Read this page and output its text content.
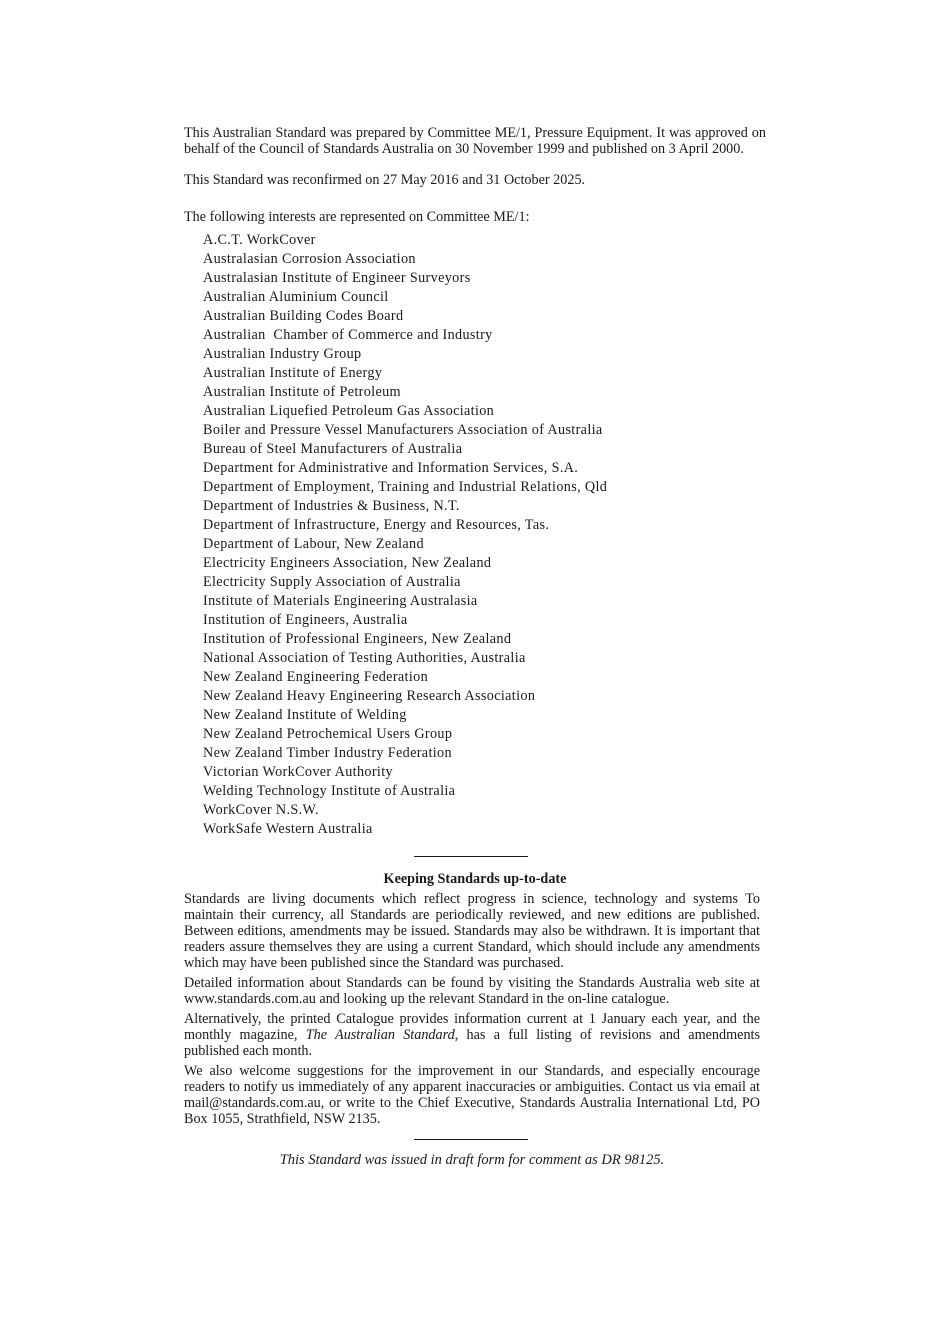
This Australian Standard was prepared by Committee ME/1, Pressure Equipment. It was approved on behalf of the Council of Standards Australia on 30 November 1999 and published on 3 April 2000.

This Standard was reconfirmed on 27 May 2016 and 31 October 2025.

The following interests are represented on Committee ME/1:

A.C.T. WorkCover
Australasian Corrosion Association
Australasian Institute of Engineer Surveyors
Australian Aluminium Council
Australian Building Codes Board
Australian  Chamber of Commerce and Industry
Australian Industry Group
Australian Institute of Energy
Australian Institute of Petroleum
Australian Liquefied Petroleum Gas Association
Boiler and Pressure Vessel Manufacturers Association of Australia
Bureau of Steel Manufacturers of Australia
Department for Administrative and Information Services, S.A.
Department of Employment, Training and Industrial Relations, Qld
Department of Industries & Business, N.T.
Department of Infrastructure, Energy and Resources, Tas.
Department of Labour, New Zealand
Electricity Engineers Association, New Zealand
Electricity Supply Association of Australia
Institute of Materials Engineering Australasia
Institution of Engineers, Australia
Institution of Professional Engineers, New Zealand
National Association of Testing Authorities, Australia
New Zealand Engineering Federation
New Zealand Heavy Engineering Research Association
New Zealand Institute of Welding
New Zealand Petrochemical Users Group
New Zealand Timber Industry Federation
Victorian WorkCover Authority
Welding Technology Institute of Australia
WorkCover N.S.W.
WorkSafe Western Australia
Keeping Standards up-to-date

Standards are living documents which reflect progress in science, technology and systems To maintain their currency, all Standards are periodically reviewed, and new editions are published. Between editions, amendments may be issued. Standards may also be withdrawn. It is important that readers assure themselves they are using a current Standard, which should include any amendments which may have been published since the Standard was purchased.

Detailed information about Standards can be found by visiting the Standards Australia web site at www.standards.com.au and looking up the relevant Standard in the on-line catalogue.

Alternatively, the printed Catalogue provides information current at 1 January each year, and the monthly magazine, The Australian Standard, has a full listing of revisions and amendments published each month.

We also welcome suggestions for the improvement in our Standards, and especially encourage readers to notify us immediately of any apparent inaccuracies or ambiguities. Contact us via email at mail@standards.com.au, or write to the Chief Executive, Standards Australia International Ltd, PO Box 1055, Strathfield, NSW 2135.

This Standard was issued in draft form for comment as DR 98125.
